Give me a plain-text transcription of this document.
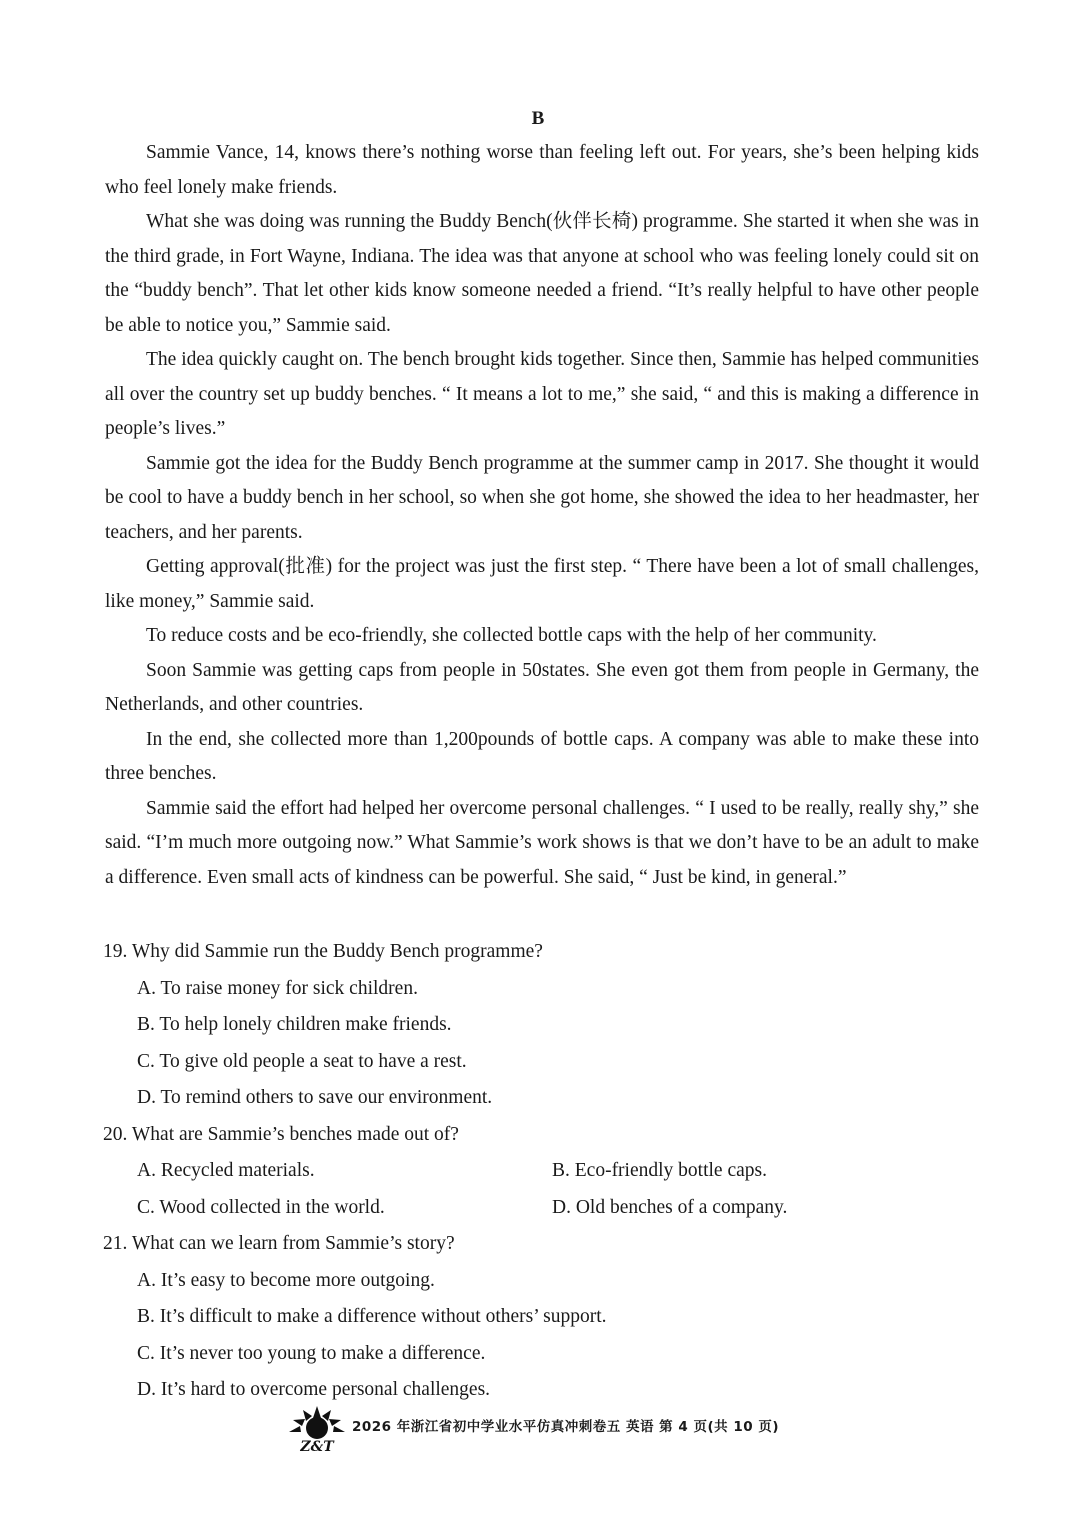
B

Sammie Vance, 14, knows there’s nothing worse than feeling left out. For years, she’s been helping kids who feel lonely make friends.

What she was doing was running the Buddy Bench(伙伴长椅) programme. She started it when she was in the third grade, in Fort Wayne, Indiana. The idea was that anyone at school who was feeling lonely could sit on the “buddy bench”. That let other kids know someone needed a friend. “It’s really helpful to have other people be able to notice you,” Sammie said.

The idea quickly caught on. The bench brought kids together. Since then, Sammie has helped communities all over the country set up buddy benches. “ It means a lot to me,” she said, “ and this is making a difference in people’s lives.”

Sammie got the idea for the Buddy Bench programme at the summer camp in 2017. She thought it would be cool to have a buddy bench in her school, so when she got home, she showed the idea to her headmaster, her teachers, and her parents.

Getting approval(批准) for the project was just the first step. “ There have been a lot of small challenges, like money,” Sammie said.

To reduce costs and be eco-friendly, she collected bottle caps with the help of her community.

Soon Sammie was getting caps from people in 50states. She even got them from people in Germany, the Netherlands, and other countries.

In the end, she collected more than 1,200pounds of bottle caps. A company was able to make these into three benches.

Sammie said the effort had helped her overcome personal challenges. “ I used to be really, really shy,” she said. “I’m much more outgoing now.” What Sammie’s work shows is that we don’t have to be an adult to make a difference. Even small acts of kindness can be powerful. She said, “ Just be kind, in general.”

19. Why did Sammie run the Buddy Bench programme?

A. To raise money for sick children.

B. To help lonely children make friends.

C. To give old people a seat to have a rest.

D. To remind others to save our environment.

20. What are Sammie’s benches made out of?

A. Recycled materials.	B. Eco-friendly bottle caps.

C. Wood collected in the world.	D. Old benches of a company.

21. What can we learn from Sammie’s story?

A. It’s easy to become more outgoing.

B. It’s difficult to make a difference without others’ support.

C. It’s never too young to make a difference.

D. It’s hard to overcome personal challenges.

Z&T
2026 年浙江省初中学业水平仿真冲刺卷五 英语 第 4 页(共 10 页)
